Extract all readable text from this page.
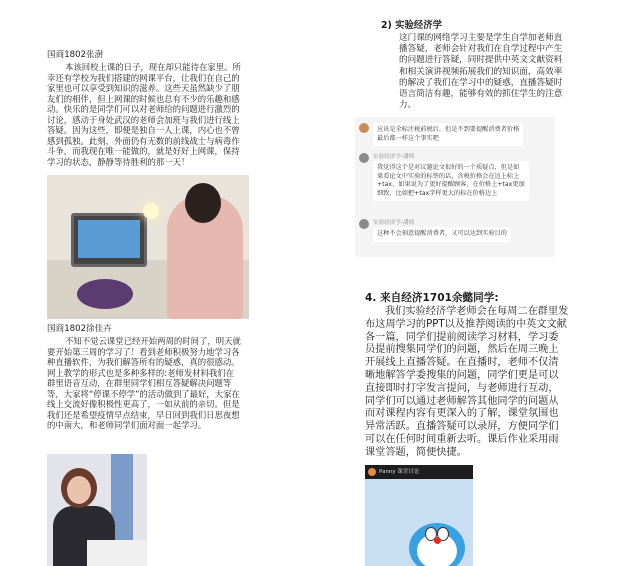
国商1802张澍

本该回校上课的日子，现在却只能待在家里。所
幸还有学校为我们搭建的网课平台，让我们在自己的
家里也可以享受到知识的滋养。这些天虽然缺少了朋
友们的相伴，但上网课的时候也总有不少的乐趣和感
动。快乐的是同学们可以对老师给的问题进行激烈的
讨论，感动于身处武汉的老师会加班与我们进行线上
答疑。因为这些，即便是独自一人上课，内心也不曾
感到孤独。此刻，外面仍有无数的前线战士与病毒作
斗争，而我现在唯一能做的，就是好好上网课，保持
学习的状态，静静等待胜利的那一天！

国商1802徐佳卉

不知不觉云课堂已经开始两周的时间了，明天就
要开始第三周的学习了！看到老师积极努力地学习各
种直播软件，为我们解答所有的疑惑，真的很感动。
网上教学的形式也是多种多样的:老师发材料我们在
群里语音互动，在群里同学们相互答疑解决问题等
等，大家将“停课不停学”的活动做到了最好，大家在
线上交流好像积极性更高了，一如从前的亲切。但是
我们还是希望疫情早点结束，早日回到我们日思夜想
的中南大，和老师同学们面对面一起学习。

2) 实验经济学

这门课的网络学习主要是学生自学加老师直
播答疑，老师会针对我们在自学过程中产生
的问题进行答疑，同时提供中英文文献资料
和相关演讲视频拓展我们的知识面，高效率
的解决了我们在学习中的疑惑，直播答疑时
语言简洁有趣，能够有效的抓住学生的注意
力。
应该是全标注税前税后，但是不到要提醒消费者价格
最后都一样这个事实吧
实验经济学-潘椅
我觉得这个是对议题论文很好的一个质疑点，但是如
果看论文中实验的标签的话，含税价格会在边上标上
+tax，如果说为了更好提醒顾客，在价格上+tax更加
细致，比如把+tax字样更大的标在价格边上
实验经济学-潘椅
这种不会刻意提醒消费者，又可以达到实验目的

4. 来自经济1701余懿同学:

我们实验经济学老师会在每周二在群里发
布这周学习的PPT以及推荐阅读的中英文文献
各一篇，同学们提前阅读学习材料，学习委
员提前搜集同学们的问题，然后在周三晚上
开展线上直播答疑。在直播时，老师不仅清
晰地解答学委搜集的问题，同学们更是可以
直接即时打字发言提问，与老师进行互动，
同学们可以通过老师解答其他同学的问题从
而对课程内容有更深入的了解，课堂氛围也
异常活跃。直播答疑可以录屏，方便同学们
可以在任何时间重新去听。课后作业采用雨
课堂答题，简便快捷。
Panny 课堂讨论
